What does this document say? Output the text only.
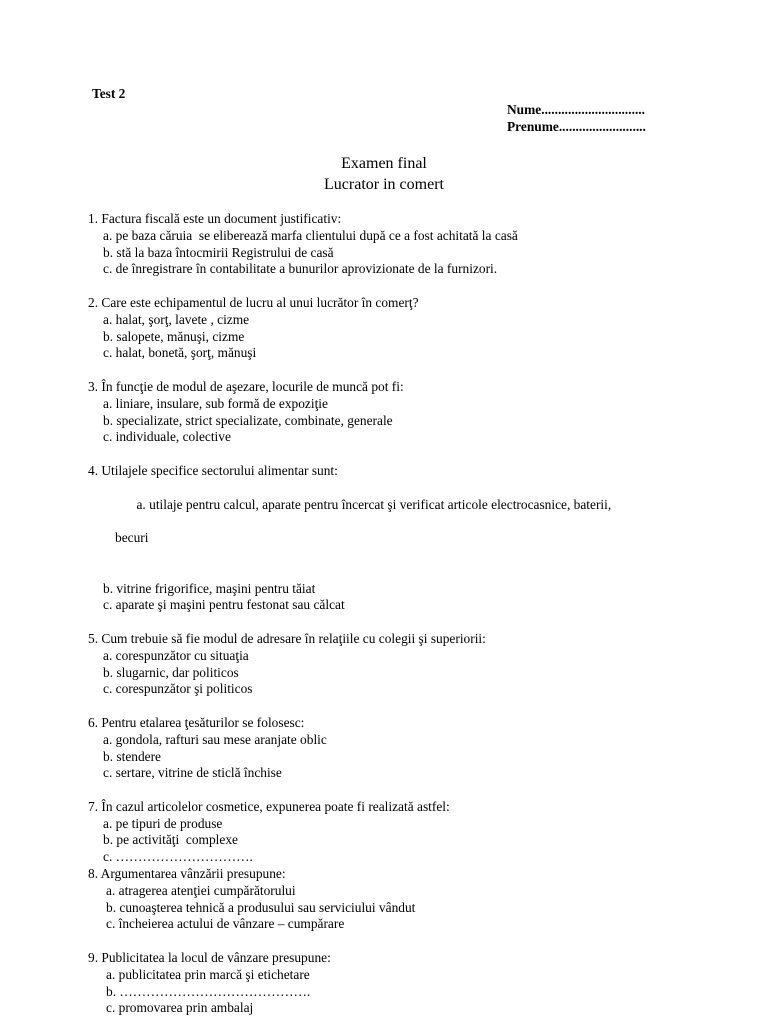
Test 2
Nume...............................
Prenume..........................
Examen final
Lucrator in comert
1. Factura fiscală este un document justificativ:
a. pe baza căruia  se eliberează marfa clientului după ce a fost achitată la casă
b. stă la baza întocmirii Registrului de casă
c. de înregistrare în contabilitate a bunurilor aprovizionate de la furnizori.
2. Care este echipamentul de lucru al unui lucrător în comerţ?
a. halat, şorţ, lavete , cizme
b. salopete, mănuşi, cizme
c. halat, bonetă, şorţ, mănuşi
3. În funcţie de modul de aşezare, locurile de muncă pot fi:
a. liniare, insulare, sub formă de expoziţie
b. specializate, strict specializate, combinate, generale
c. individuale, colective
4. Utilajele specifice sectorului alimentar sunt:

a. utilaje pentru calcul, aparate pentru încercat şi verificat articole electrocasnice, baterii,

becuri

b. vitrine frigorifice, maşini pentru tăiat
c. aparate şi maşini pentru festonat sau călcat
5. Cum trebuie să fie modul de adresare în relaţiile cu colegii şi superiorii:
a. corespunzător cu situaţia
b. slugarnic, dar politicos
c. corespunzător şi politicos
6. Pentru etalarea ţesăturilor se folosesc:
a. gondola, rafturi sau mese aranjate oblic
b. stendere
c. sertare, vitrine de sticlă închise
7. În cazul articolelor cosmetice, expunerea poate fi realizată astfel:
a. pe tipuri de produse
b. pe activităţi  complexe
c. ………………………….
8. Argumentarea vânzării presupune:
a. atragerea atenţiei cumpărătorului
b. cunoaşterea tehnică a produsului sau serviciului vândut
c. încheierea actului de vânzare – cumpărare
9. Publicitatea la locul de vânzare presupune:
a. publicitatea prin marcă şi etichetare
b. …………………………………….
c. promovarea prin ambalaj
